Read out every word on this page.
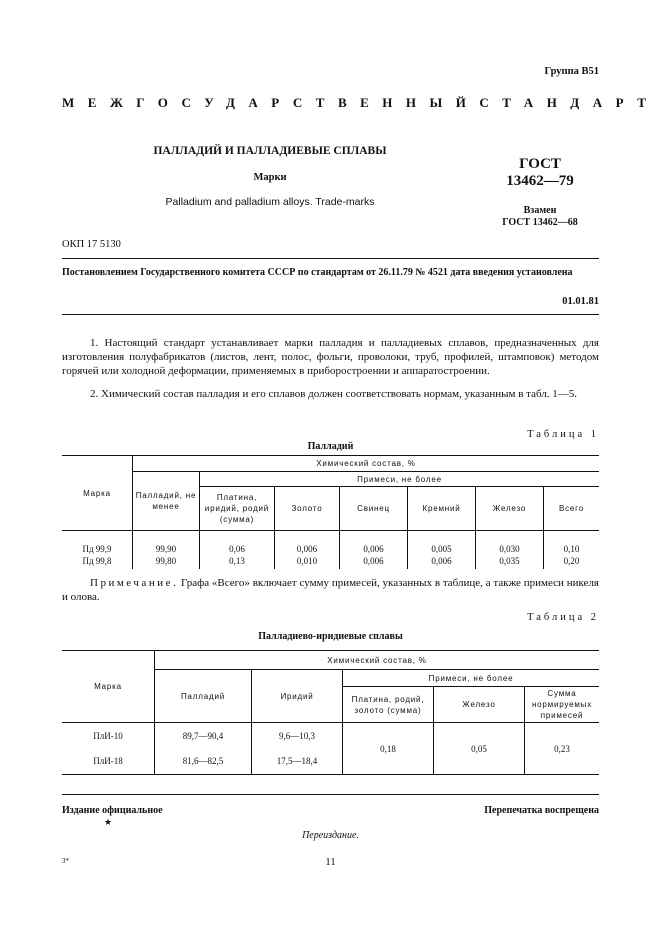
Группа В51
МЕЖГОСУДАРСТВЕННЫЙ СТАНДАРТ
ПАЛЛАДИЙ И ПАЛЛАДИЕВЫЕ СПЛАВЫ
Марки
Palladium and palladium alloys. Trade-marks
ГОСТ
13462—79
Взамен
ГОСТ 13462—68
ОКП 17 5130
Постановлением Государственного комитета СССР по стандартам от 26.11.79 № 4521 дата введения установлена
01.01.81
1. Настоящий стандарт устанавливает марки палладия и палладиевых сплавов, предназначенных для изготовления полуфабрикатов (листов, лент, полос, фольги, проволоки, труб, профилей, штамповок) методом горячей или холодной деформации, применяемых в приборостроении и аппаратостроении.
2. Химический состав палладия и его сплавов должен соответствовать нормам, указанным в табл. 1—5.
Таблица 1
Палладий
Марка	Химический состав, %						
	Палладий, не менее	Примеси, не более					
		Платина, иридий, родий (сумма)	Золото	Свинец	Кремний	Железо	Всего
Пд 99,9	99,90	0,06	0,006	0,006	0,005	0,030	0,10
Пд 99,8	99,80	0,13	0,010	0,006	0,006	0,035	0,20
Примечание. Графа «Всего» включает сумму примесей, указанных в таблице, а также примеси никеля и олова.
Таблица 2
Палладиево-иридиевые сплавы
Марка	Химический состав, %				
	Палладий	Иридий	Примеси, не более		
			Платина, родий, золото (сумма)	Железо	Сумма нормируемых примесей
ПлИ-10	89,7—90,4	9,6—10,3	0,18	0,05	0,23
ПлИ-18	81,6—82,5	17,5—18,4			
Издание официальное	Перепечатка воспрещена
★
Переиздание.
3*	11
